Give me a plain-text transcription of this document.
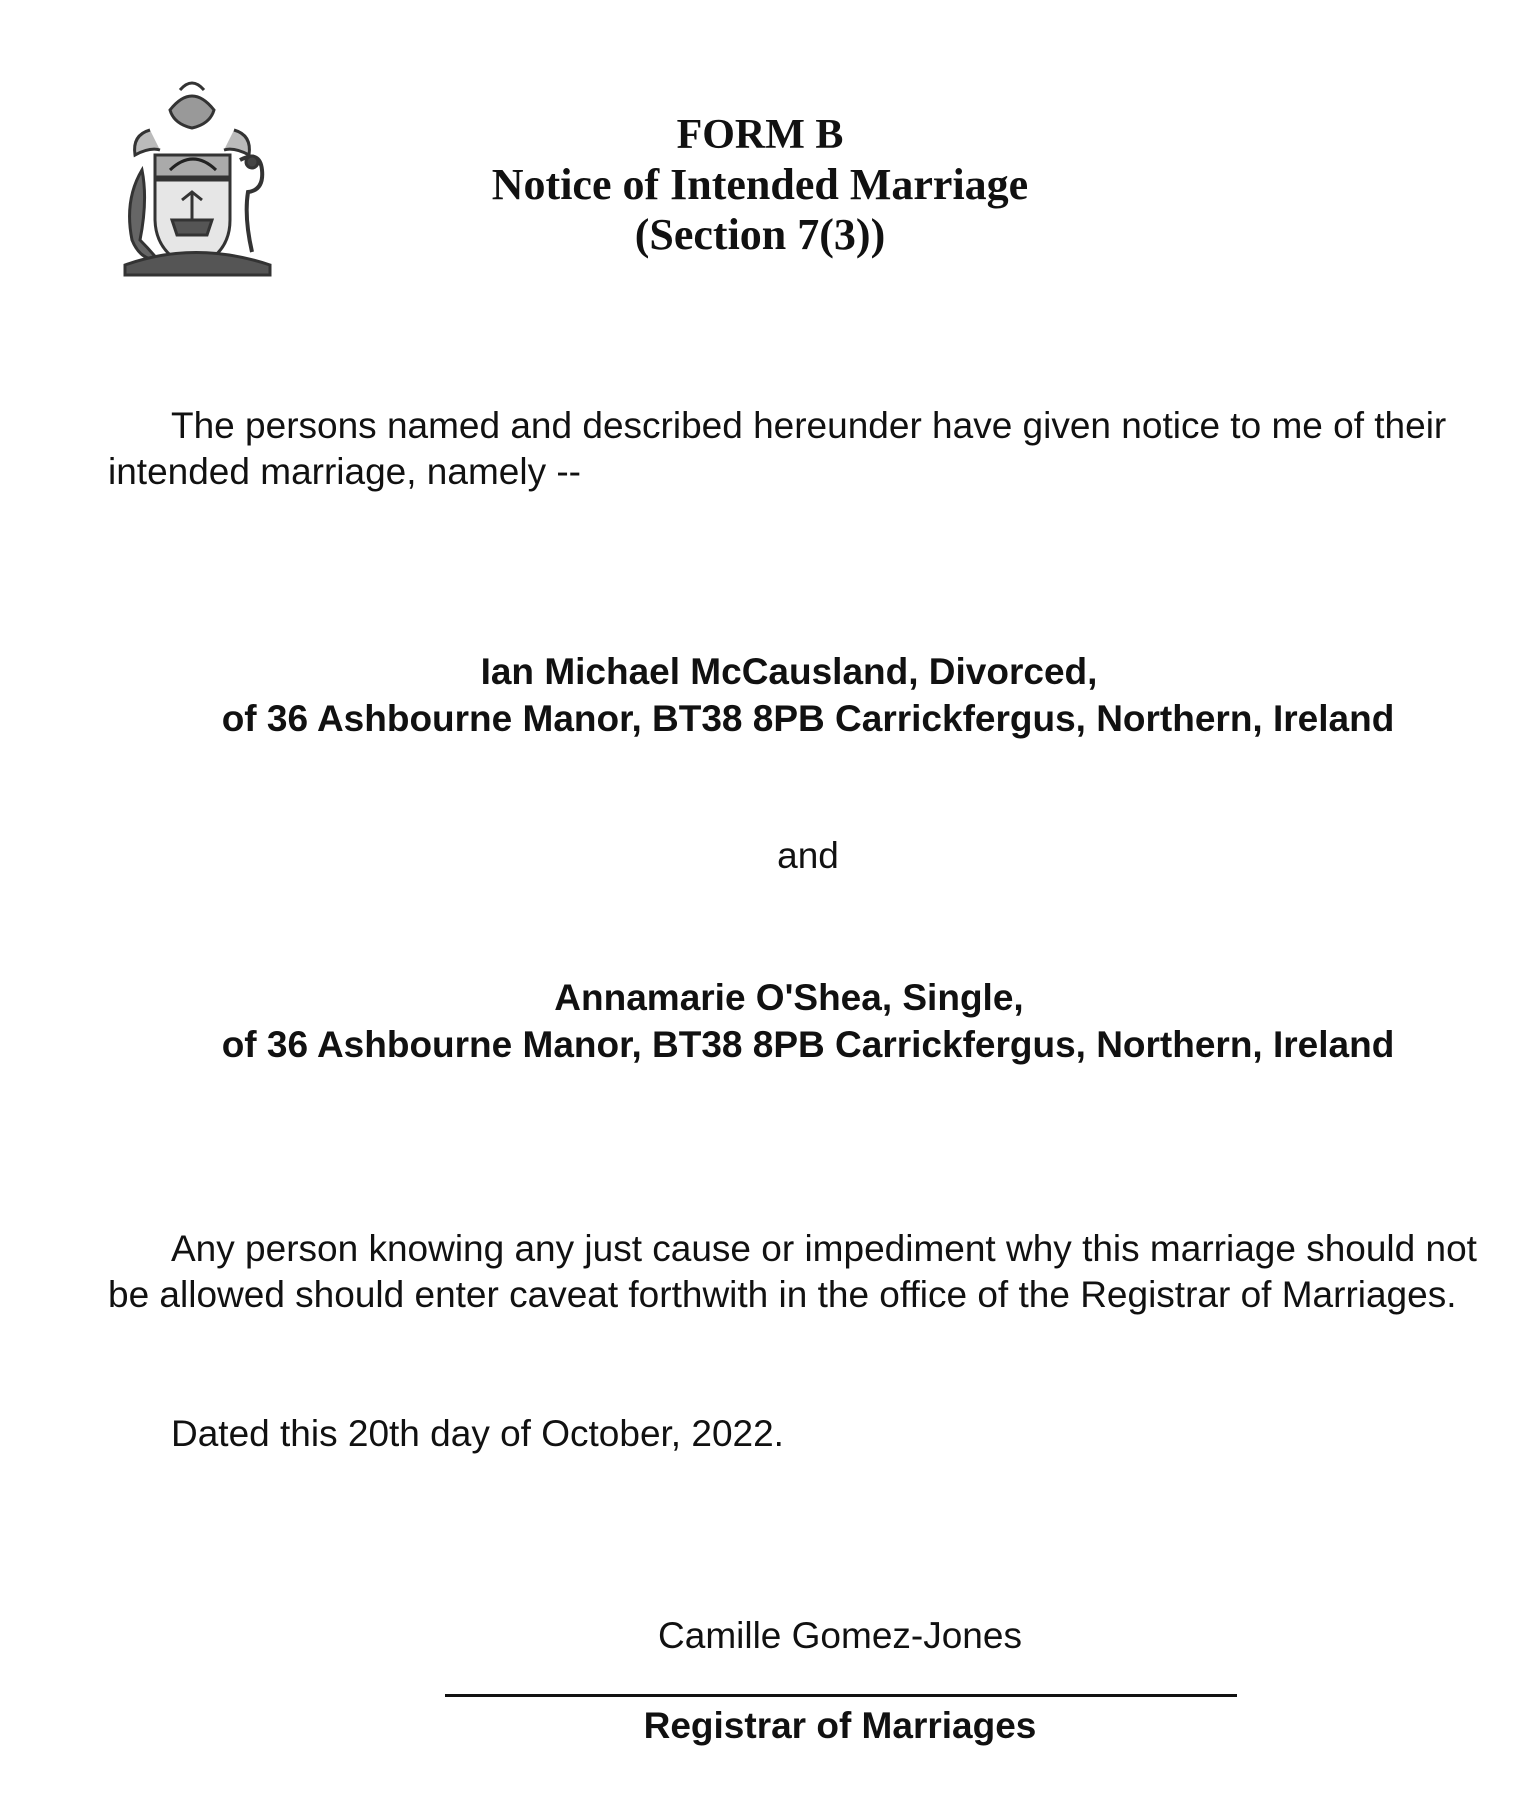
FORM B
Notice of Intended Marriage
(Section 7(3))
The persons named and described hereunder have given notice to me of their intended marriage, namely --
Ian Michael McCausland, Divorced,
of 36 Ashbourne Manor, BT38 8PB Carrickfergus, Northern, Ireland
and
Annamarie O'Shea, Single,
of 36 Ashbourne Manor, BT38 8PB Carrickfergus, Northern, Ireland
Any person knowing any just cause or impediment why this marriage should not be allowed should enter caveat forthwith in the office of the Registrar of Marriages.
Dated this 20th day of October, 2022.
Camille Gomez-Jones
Registrar of Marriages
